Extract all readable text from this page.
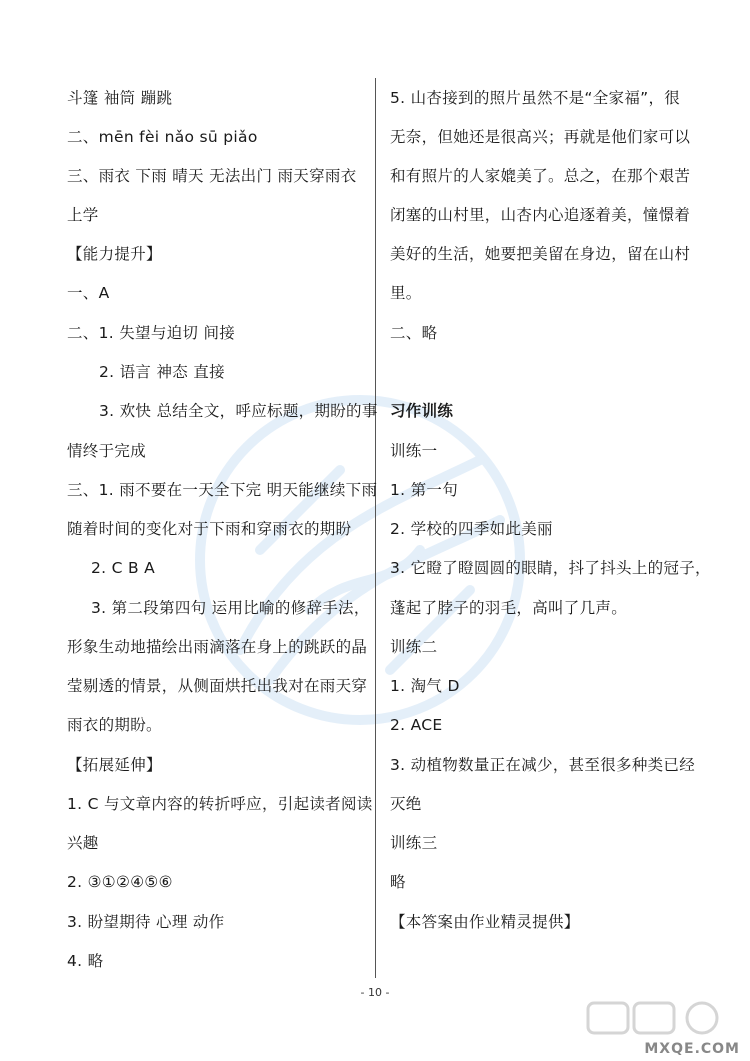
斗篷 袖筒 蹦跳
二、mēn fèi nǎo sū piǎo
三、雨衣 下雨 晴天 无法出门 雨天穿雨衣
上学
【能力提升】
一、A
二、1. 失望与迫切 间接
2. 语言 神态 直接
3. 欢快 总结全文，呼应标题，期盼的事
情终于完成
三、1. 雨不要在一天全下完 明天能继续下雨
随着时间的变化对于下雨和穿雨衣的期盼
2. C B A
3. 第二段第四句 运用比喻的修辞手法，
形象生动地描绘出雨滴落在身上的跳跃的晶
莹剔透的情景，从侧面烘托出我对在雨天穿
雨衣的期盼。
【拓展延伸】
1. C 与文章内容的转折呼应，引起读者阅读
兴趣
2. ③①②④⑤⑥
3. 盼望期待 心理 动作
4. 略
5. 山杏接到的照片虽然不是“全家福”，很
无奈，但她还是很高兴；再就是他们家可以
和有照片的人家媲美了。总之，在那个艰苦
闭塞的山村里，山杏内心追逐着美，憧憬着
美好的生活，她要把美留在身边，留在山村
里。
二、略
习作训练
训练一
1. 第一句
2. 学校的四季如此美丽
3. 它瞪了瞪圆圆的眼睛，抖了抖头上的冠子，
蓬起了脖子的羽毛，高叫了几声。
训练二
1. 淘气 D
2. ACE
3. 动植物数量正在减少，甚至很多种类已经
灭绝
训练三
略
【本答案由作业精灵提供】
- 10 -
MXQE.COM
